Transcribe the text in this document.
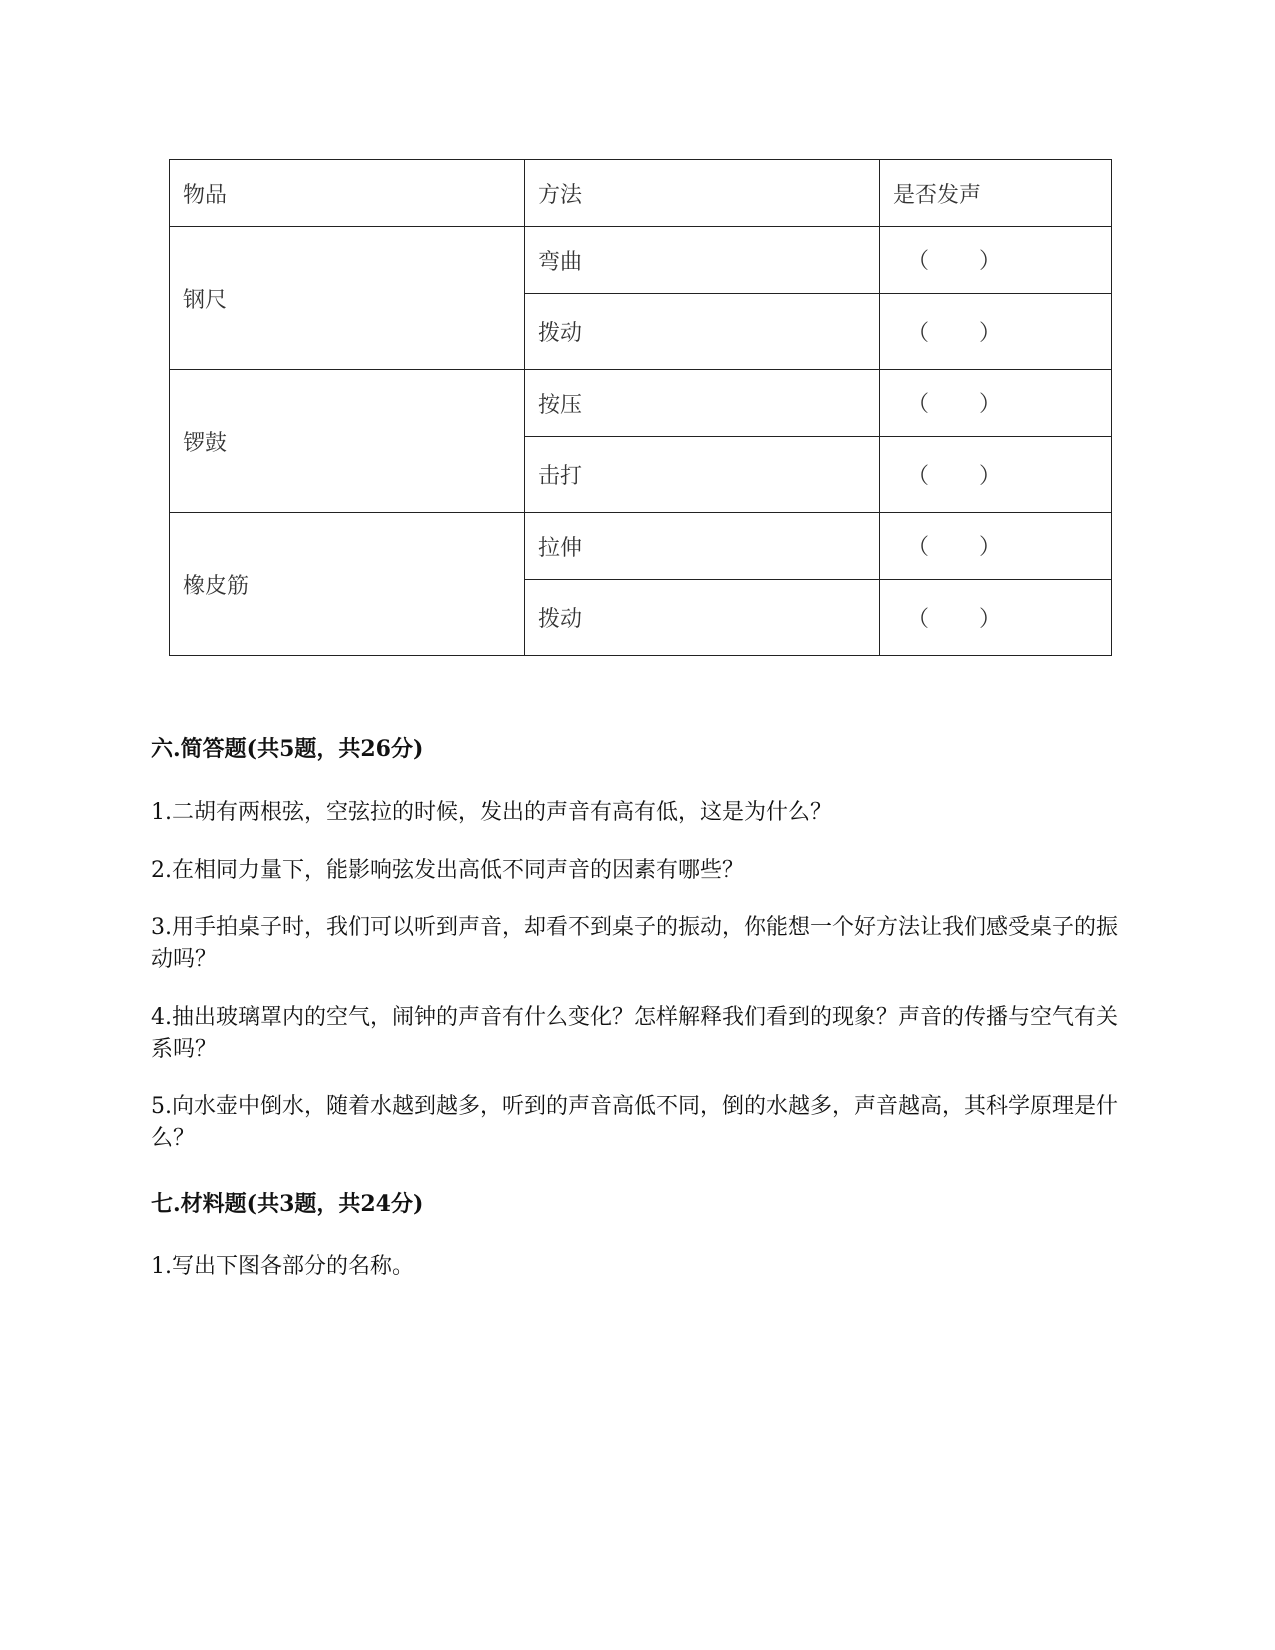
物品	方法	是否发声
钢尺	弯曲	（ ）

	拨动	（ ）

锣鼓	按压	（ ）

	击打	（ ）

橡皮筋	拉伸	（ ）

	拨动	（ ）
六.简答题(共5题，共26分)

1.二胡有两根弦，空弦拉的时候，发出的声音有高有低，这是为什么？

2.在相同力量下，能影响弦发出高低不同声音的因素有哪些？

3.用手拍桌子时，我们可以听到声音，却看不到桌子的振动，你能想一个好方法让我们感受桌子的振动吗？

4.抽出玻璃罩内的空气，闹钟的声音有什么变化？怎样解释我们看到的现象？声音的传播与空气有关系吗？

5.向水壶中倒水，随着水越到越多，听到的声音高低不同，倒的水越多，声音越高，其科学原理是什么？

七.材料题(共3题，共24分)

1.写出下图各部分的名称。
